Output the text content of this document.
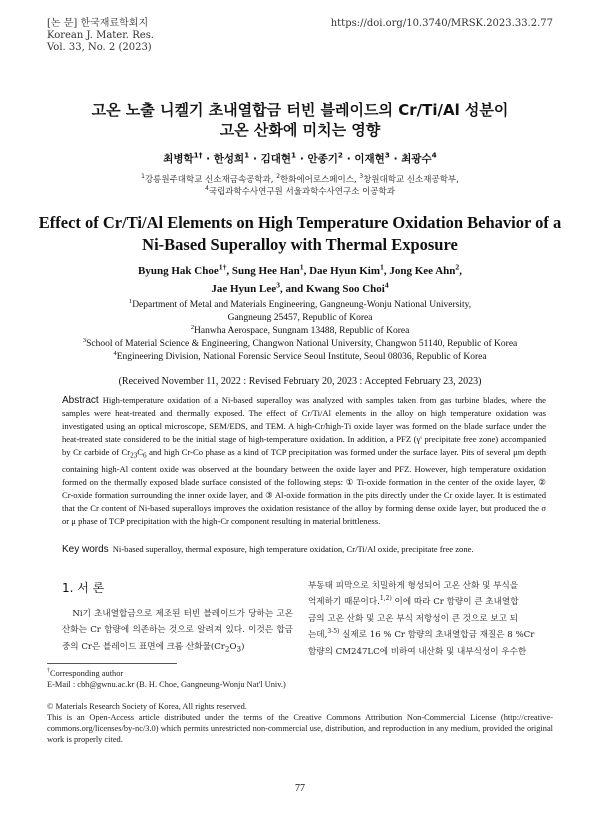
[논 문] 한국재료학회지
Korean J. Mater. Res.
Vol. 33, No. 2 (2023)
https://doi.org/10.3740/MRSK.2023.33.2.77
고온 노출 니켈기 초내열합금 터빈 블레이드의 Cr/Ti/Al 성분이
고온 산화에 미치는 영향
최병학$^{1\dagger}$ · 한성희$^1$ · 김대현$^1$ · 안종기$^2$ · 이재현$^3$ · 최광수$^4$
$^1$강릉원주대학교 신소재금속공학과, $^2$한화에어로스페이스, $^3$창원대학교 신소재공학부,
$^4$국립과학수사연구원 서울과학수사연구소 이공학과
Effect of Cr/Ti/Al Elements on High Temperature Oxidation Behavior of a
Ni-Based Superalloy with Thermal Exposure
Byung Hak Choe$^{1\dagger}$, Sung Hee Han$^1$, Dae Hyun Kim$^1$, Jong Kee Ahn$^2$,
Jae Hyun Lee$^3$, and Kwang Soo Choi$^4$
$^1$Department of Metal and Materials Engineering, Gangneung-Wonju National University,
Gangneung 25457, Republic of Korea
$^2$Hanwha Aerospace, Sungnam 13488, Republic of Korea
$^3$School of Material Science & Engineering, Changwon National University, Changwon 51140, Republic of Korea
$^4$Engineering Division, National Forensic Service Seoul Institute, Seoul 08036, Republic of Korea
(Received November 11, 2022 : Revised February 20, 2023 : Accepted February 23, 2023)
Abstract High-temperature oxidation of a Ni-based superalloy was analyzed with samples taken from gas turbine blades, where the samples were heat-treated and thermally exposed. The effect of Cr/Ti/Al elements in the alloy on high temperature oxidation was investigated using an optical microscope, SEM/EDS, and TEM. A high-Cr/high-Ti oxide layer was formed on the blade surface under the heat-treated state considered to be the initial stage of high-temperature oxidation. In addition, a PFZ (γ' precipitate free zone) accompanied by Cr carbide of $Cr_{23}C_6$ and high Cr-Co phase as a kind of TCP precipitation was formed under the surface layer. Pits of several μm depth containing high-Al content oxide was observed at the boundary between the oxide layer and PFZ. However, high temperature oxidation formed on the thermally exposed blade surface consisted of the following steps: ① Ti-oxide formation in the center of the oxide layer, ② Cr-oxide formation surrounding the inner oxide layer, and ③ Al-oxide formation in the pits directly under the Cr oxide layer. It is estimated that the Cr content of Ni-based superalloys improves the oxidation resistance of the alloy by forming dense oxide layer, but produced the σ or μ phase of TCP precipitation with the high-Cr component resulting in material brittleness.
Key words Ni-based superalloy, thermal exposure, high temperature oxidation, Cr/Ti/Al oxide, precipitate free zone.
1. 서 론
Ni기 초내열합금으로 제조된 터빈 블레이드가 당하는 고온 산화는 Cr 함량에 의존하는 것으로 알려져 있다. 이것은 합금 중의 Cr은 블레이드 표면에 크롬 산화물$(Cr_2O_3)$
부동태 피막으로 치밀하게 형성되어 고온 산화 및 부식을
억제하기 때문이다.$^{1,2)}$ 이에 따라 Cr 함량이 큰 초내열합
금의 고온 산화 및 고온 부식 저항성이 큰 것으로 보고 되
는데,$^{3-5)}$ 실제로 16 % Cr 함량의 초내열합금 재질은 8 %Cr
함량의 CM247LC에 비하여 내산화 및 내부식성이 우수한
†Corresponding author
E-Mail : cbh@gwnu.ac.kr (B. H. Choe, Gangneung-Wonju Nat'l Univ.)
© Materials Research Society of Korea, All rights reserved.
This is an Open-Access article distributed under the terms of the Creative Commons Attribution Non-Commercial License (http://creative-commons.org/licenses/by-nc/3.0) which permits unrestricted non-commercial use, distribution, and reproduction in any medium, provided the original work is properly cited.
77
